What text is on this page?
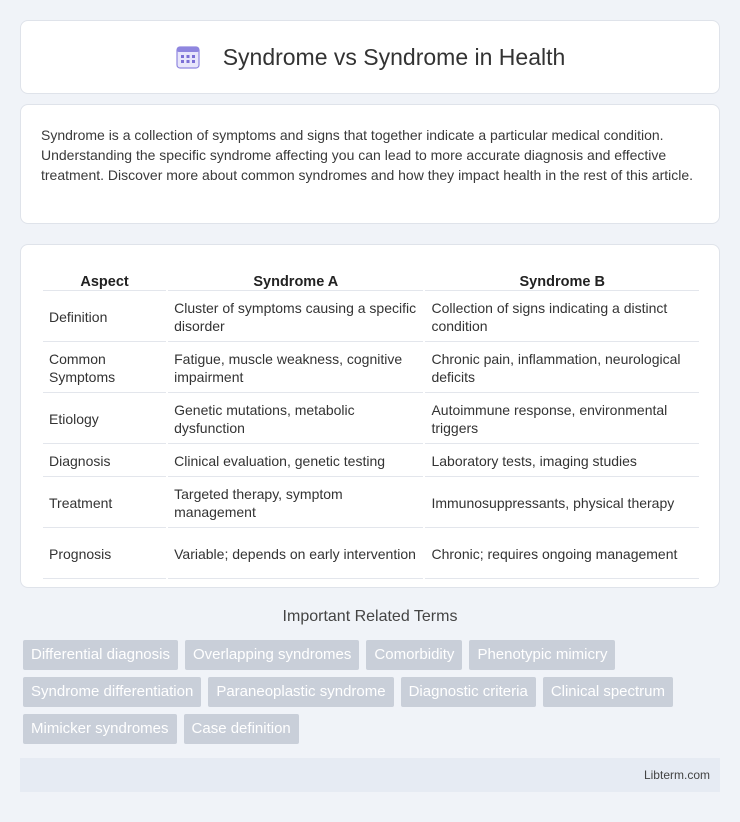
Syndrome vs Syndrome in Health

Syndrome is a collection of symptoms and signs that together indicate a particular medical condition. Understanding the specific syndrome affecting you can lead to more accurate diagnosis and effective treatment. Discover more about common syndromes and how they impact health in the rest of this article.

Aspect	Syndrome A	Syndrome B
Definition	Cluster of symptoms causing a specific disorder	Collection of signs indicating a distinct condition
Common Symptoms	Fatigue, muscle weakness, cognitive impairment	Chronic pain, inflammation, neurological deficits
Etiology	Genetic mutations, metabolic dysfunction	Autoimmune response, environmental triggers
Diagnosis	Clinical evaluation, genetic testing	Laboratory tests, imaging studies
Treatment	Targeted therapy, symptom management	Immunosuppressants, physical therapy
Prognosis	Variable; depends on early intervention	Chronic; requires ongoing management
Important Related Terms
Differential diagnosis	Overlapping syndromes	Comorbidity	Phenotypic mimicry
Syndrome differentiation	Paraneoplastic syndrome	Diagnostic criteria	Clinical spectrum
Mimicker syndromes	Case definition
Libterm.com
